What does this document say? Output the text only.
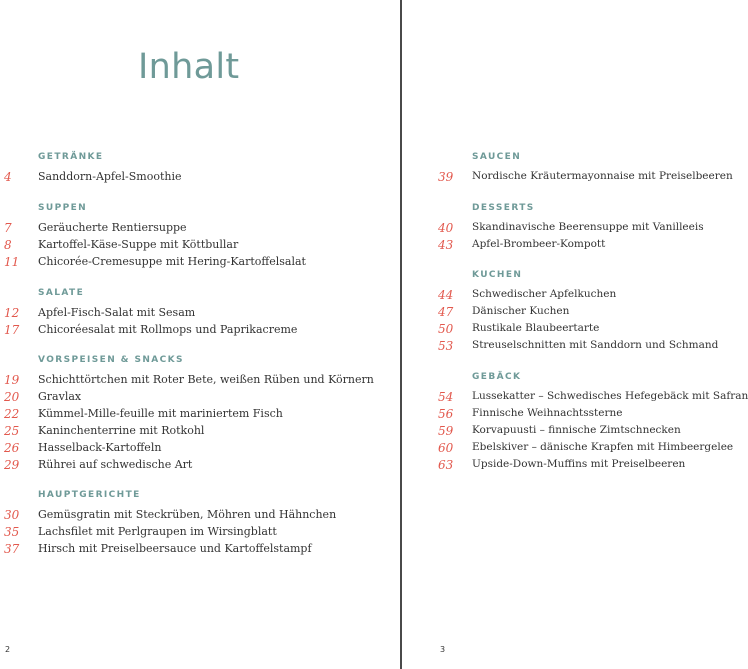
Inhalt
GETRÄNKE
4 Sanddorn-Apfel-Smoothie
SUPPEN
7 Geräucherte Rentiersuppe
8 Kartoffel-Käse-Suppe mit Köttbullar
11 Chicorée-Cremesuppe mit Hering-Kartoffelsalat
SALATE
12 Apfel-Fisch-Salat mit Sesam
17 Chicoréesalat mit Rollmops und Paprikacreme
VORSPEISEN & SNACKS
19 Schichttörtchen mit Roter Bete, weißen Rüben und Körnern
20 Gravlax
22 Kümmel-Mille-feuille mit mariniertem Fisch
25 Kaninchenterrine mit Rotkohl
26 Hasselback-Kartoffeln
29 Rührei auf schwedische Art
HAUPTGERICHTE
30 Gemüsgratin mit Steckrüben, Möhren und Hähnchen
35 Lachsfilet mit Perlgraupen im Wirsingblatt
37 Hirsch mit Preiselbeersauce und Kartoffelstampf
2
SAUCEN
39 Nordische Kräutermayonnaise mit Preiselbeeren
DESSERTS
40 Skandinavische Beerensuppe mit Vanilleeis
43 Apfel-Brombeer-Kompott
KUCHEN
44 Schwedischer Apfelkuchen
47 Dänischer Kuchen
50 Rustikale Blaubeertarte
53 Streuselschnitten mit Sanddorn und Schmand
GEBÄCK
54 Lussekatter – Schwedisches Hefegebäck mit Safran
56 Finnische Weihnachtssterne
59 Korvapuusti – finnische Zimtschnecken
60 Ebelskiver – dänische Krapfen mit Himbeergelee
63 Upside-Down-Muffins mit Preiselbeeren
3
